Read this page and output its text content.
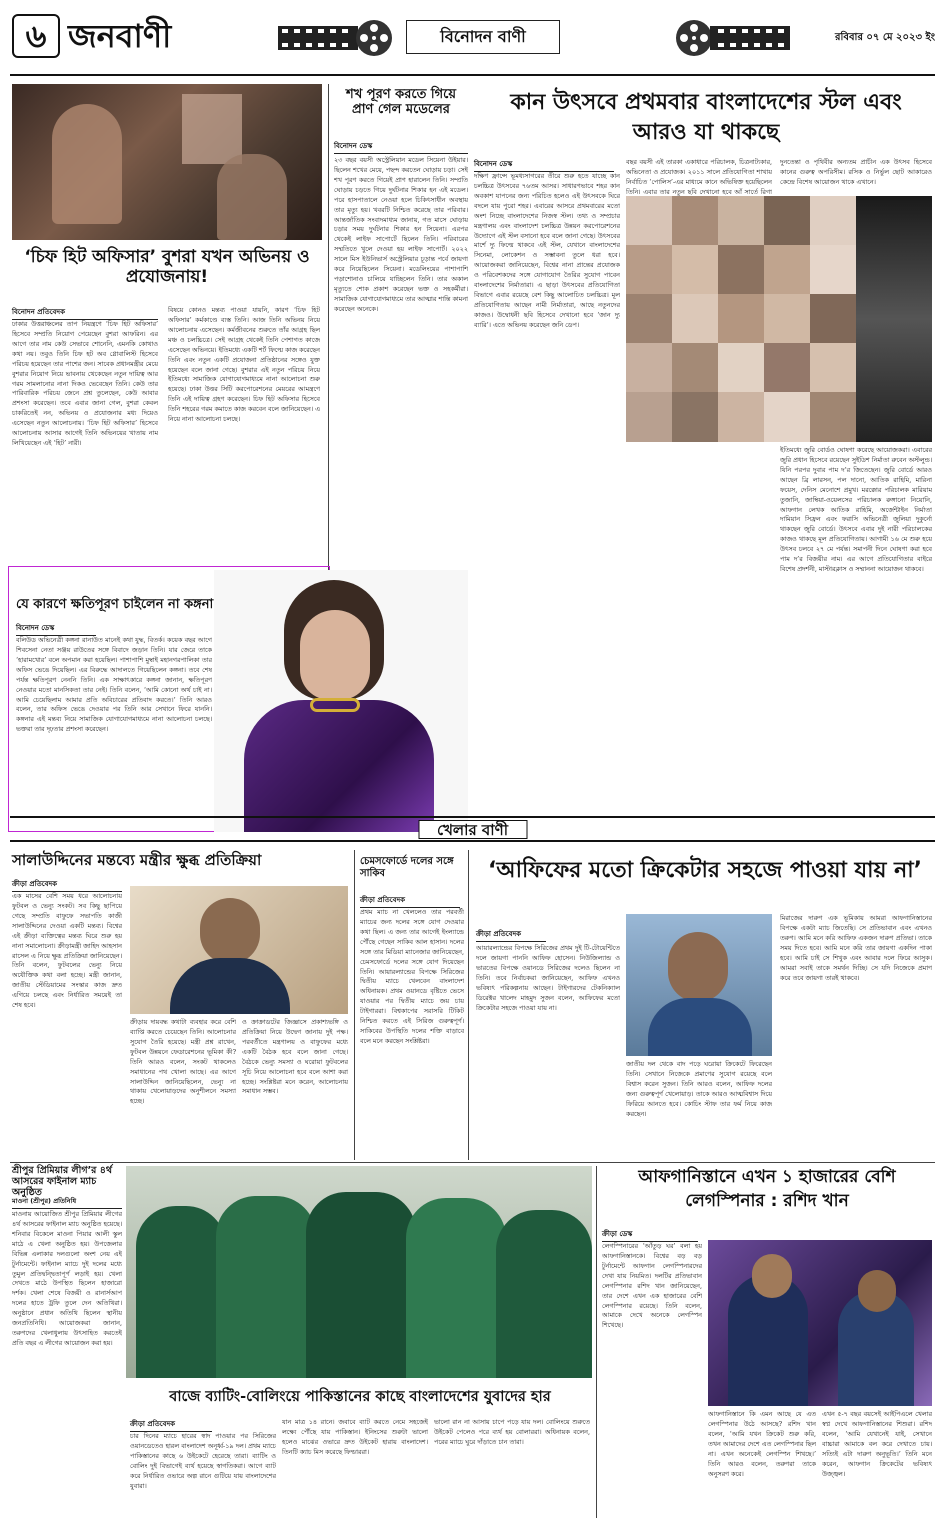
৬ জনবাণী	বিনোদন বাণী	রবিবার ০৭ মে ২০২৩ ইং
‘চিফ হিট অফিসার’ বুশরা যখন অভিনয় ও প্রযোজনায়!
বিনোদন প্রতিবেদক
ঢাকার উত্তরাঞ্চলের তাপ নিয়ন্ত্রণে ‘চিফ হিট অফিসার’ হিসেবে সম্প্রতি নিয়োগ পেয়েছেন বুশরা আফরিন। এর আগে তার নাম কেউ সেভাবে শোনেনি, এমনকি কোথাও কথা নয়। তবুও তিনি চিফ হট অব গ্লোবালিস্ট হিসেবে পরিচয় হয়েছেন তার পাশের জন। সাবেক প্রধানমন্ত্রীর মেয়ে বুশরার নিয়োগ নিয়ে ভাবনায় থেকেছেন নতুন দায়িত্ব আর গরম সামলানোর নানা দিকও ভেবেছেন তিনি। কেউ তার পারিবারিক পরিচয় জেনে প্রশ্ন তুলেছেন, কেউ আবার প্রশংসা করেছেন। তবে এবার জানা গেল, বুশরা কেবল চাকরিতেই নন, অভিনয় ও প্রযোজনার মধ্য দিয়েও এসেছেন নতুন আলোচনায়। ‘চিফ হিট অফিসার’ হিসেবে আলোচনায় আসার আগেই তিনি অভিনয়ের খাতায় নাম লিখিয়েছেন এই ‘হিট’ নারী।
বিষয়ে কোনও মন্তব্য পাওয়া যায়নি, কারণ ‘চিফ হিট অফিসার’ কর্মকাণ্ডে ব্যস্ত তিনি। আজ তিনি অভিনয় নিয়ে আলোচনায় এসেছেন। কর্মজীবনের শুরুতে তাঁর আগ্রহ ছিল মঞ্চ ও চলচ্চিত্রে। সেই আগ্রহ থেকেই তিনি পেশাগত কাজে এসেছেন অভিনয়ে। ইতিমধ্যে একটি শর্ট ফিল্মে কাজ করেছেন তিনি এবং নতুন একটি প্রযোজনা প্রতিষ্ঠানের সঙ্গেও যুক্ত হয়েছেন বলে জানা গেছে। বুশরার এই নতুন পরিচয় নিয়ে ইতিমধ্যে সামাজিক যোগাযোগমাধ্যমে নানা আলোচনা শুরু হয়েছে। ঢাকা উত্তর সিটি করপোরেশনের মেয়রের আমন্ত্রণে তিনি এই দায়িত্ব গ্রহণ করেছেন। চিফ হিট অফিসার হিসেবে তিনি শহরের গরম কমাতে কাজ করবেন বলে জানিয়েছেন। এ নিয়ে নানা আলোচনা চলছে।
শখ পূরণ করতে গিয়ে প্রাণ গেল মডেলের
বিনোদন ডেস্ক
২৩ বছর বয়সী অস্ট্রেলিয়ান মডেল সিয়েনা উইয়ার। ছিলেন শখের মেয়ে, পছন্দ করতেন ঘোড়ায় চড়া। সেই শখ পূরণ করতে গিয়েই প্রাণ হারালেন তিনি। সম্প্রতি ঘোড়ায় চড়তে গিয়ে দুর্ঘটনার শিকার হন এই মডেল। পরে হাসপাতালে নেওয়া হলে চিকিৎসাধীন অবস্থায় তার মৃত্যু হয়। খবরটি নিশ্চিত করেছে তার পরিবার। আন্তর্জাতিক সংবাদমাধ্যম জানায়, গত মাসে ঘোড়ায় চড়ার সময় দুর্ঘটনার শিকার হন সিয়েনা। এরপর থেকেই লাইফ সাপোর্টে ছিলেন তিনি। পরিবারের সম্মতিতে খুলে দেওয়া হয় লাইফ সাপোর্ট। ২০২২ সালে মিস ইউনিভার্স অস্ট্রেলিয়ার চূড়ান্ত পর্বে জায়গা করে নিয়েছিলেন সিয়েনা। মডেলিংয়ের পাশাপাশি পড়াশোনাও চালিয়ে যাচ্ছিলেন তিনি। তার অকাল মৃত্যুতে শোক প্রকাশ করেছেন ভক্ত ও সহকর্মীরা। সামাজিক যোগাযোগমাধ্যমে তার আত্মার শান্তি কামনা করেছেন অনেকে।
যে কারণে ক্ষতিপূরণ চাইলেন না কঙ্গনা
বিনোদন ডেস্ক
বলিউড অভিনেত্রী কঙ্গনা রানাউত মানেই কথা যুদ্ধ, বিতর্ক। কয়েক বছর আগে শিবসেনা নেতা সঞ্জয় রাউতের সঙ্গে বিবাদে জড়ান তিনি। যার জেরে তাকে ‘হারামখোর’ বলে অপমান করা হয়েছিল। পাশাপাশি মুম্বাই মহানগরপালিকা তার অফিস ভেঙে দিয়েছিল। এর বিরুদ্ধে আদালতে গিয়েছিলেন কঙ্গনা। তবে শেষ পর্যন্ত ক্ষতিপূরণ নেননি তিনি। এক সাক্ষাৎকারে কঙ্গনা জানান, ক্ষতিপূরণ নেওয়ার মতো মানসিকতা তার নেই। তিনি বলেন, ‘আমি কোনো অর্থ চাই না। আমি চেয়েছিলাম আমার প্রতি অবিচারের প্রতিবাদ করতে।’ তিনি আরও বলেন, তার অফিস ভেঙে দেওয়ার পর তিনি আর সেখানে ফিরে যাননি। কঙ্গনার এই মন্তব্য নিয়ে সামাজিক যোগাযোগমাধ্যমে নানা আলোচনা চলছে। ভক্তরা তার দৃঢ়তার প্রশংসা করেছেন।
কান উৎসবে প্রথমবার বাংলাদেশের স্টল এবং আরও যা থাকছে
বিনোদন ডেস্ক
দক্ষিণ ফ্রান্সে ভূমধ্যসাগরের তীরে শুরু হতে যাচ্ছে কান চলচ্চিত্র উৎসবের ৭৬তম আসর। সাধারণভাবে শহর কান অবকাশ যাপনের জন্য পরিচিত হলেও এই উৎসবকে ঘিরে বদলে যায় পুরো শহর। এবারের আসরে প্রথমবারের মতো অংশ নিচ্ছে বাংলাদেশের নিজস্ব স্টল। তথ্য ও সম্প্রচার মন্ত্রণালয় এবং বাংলাদেশ চলচ্চিত্র উন্নয়ন করপোরেশনের উদ্যোগে এই স্টল বসানো হবে বলে জানা গেছে। উৎসবের মার্শে দ্যু ফিল্মে থাকবে এই স্টল, যেখানে বাংলাদেশের সিনেমা, লোকেশন ও সম্ভাবনা তুলে ধরা হবে। আয়োজকরা জানিয়েছেন, বিশ্বের নানা প্রান্তের প্রযোজক ও পরিবেশকদের সঙ্গে যোগাযোগ তৈরির সুযোগ পাবেন বাংলাদেশের নির্মাতারা। এ ছাড়া উৎসবের প্রতিযোগিতা বিভাগে এবার রয়েছে বেশ কিছু আলোচিত চলচ্চিত্র। মূল প্রতিযোগিতায় আছেন নামী নির্মাতারা, আছে নতুনদের কাজও। উদ্বোধনী ছবি হিসেবে দেখানো হবে ‘জান দ্যু ব্যারি’। এতে অভিনয় করেছেন জনি ডেপ।
বছর বয়সী এই তারকা একাধারে পরিচালক, চিত্রনাট্যকার, অভিনেতা ও প্রযোজক। ২০১১ সালে প্রতিযোগিতা শাখায় নির্বাচিত ‘পোলিস’-এর মাধ্যমে কানে অভিষিক্ত হয়েছিলেন তিনি। এবার তার নতুন ছবি দেখানো হবে আঁ সার্তে রিগা
দুনতেন্তা ও পৃথিবীর অন্যতম প্রাচীন এক উৎসব হিসেবে কানের গুরুত্ব অপরিসীম। রসিক ও নির্ভুল ছোট আকারেও কেন্দ্রে বিশেষ আয়োজন থাকে এখানে।
ইতিমধ্যে জুরি বোর্ডও ঘোষণা করেছে আয়োজকরা। এবারের জুরি প্রধান হিসেবে রয়েছেন সুইডিশ নির্মাতা রুবেন অস্টলুন্ড। যিনি পরপর দুবার পাম দ’র জিতেছেন। জুরি বোর্ডে আরও আছেন ব্রি লারসন, পল দানো, আতিক রাহিমি, মারিনা ফয়েস, দেনিস মেনোশে প্রমুখ। মরক্কোর পরিচালক মারিয়াম তুজানি, জাম্বিয়া-ওয়েলসের পরিচালক রুঙ্গানো নিয়োনি, আফগান লেখক আতিক রাহিমি, অর্জেন্টাইন নির্মাতা দামিয়ান সিফ্রন এবং ফরাসি অভিনেত্রী জুলিয়া দুকুর্নো থাকছেন জুরি বোর্ডে। উৎসবে এবার দুই নারী পরিচালকের কাজও থাকছে মূল প্রতিযোগিতায়। আগামী ১৬ মে শুরু হয়ে উৎসব চলবে ২৭ মে পর্যন্ত। সমাপনী দিনে ঘোষণা করা হবে পাম দ’র বিজয়ীর নাম। এর আগে প্রতিযোগিতার বাইরে বিশেষ প্রদর্শনী, মাস্টারক্লাস ও সম্মাননা আয়োজন থাকবে।
খেলার বাণী
সালাউদ্দিনের মন্তব্যে মন্ত্রীর ক্ষুব্ধ প্রতিক্রিয়া
ক্রীড়া প্রতিবেদক
এক মাসের বেশি সময় ধরে আলোচনায় ফুটবল ও ভেন্যু সংকট। সব কিছু ছাপিয়ে গেছে সম্প্রতি বাফুফে সভাপতি কাজী সালাউদ্দিনের দেওয়া একটি মন্তব্য। বিশ্বের এই ক্রীড়া ব্যক্তিত্বের মন্তব্য ঘিরে শুরু হয় নানা সমালোচনা। ক্রীড়ামন্ত্রী জাহিদ আহসান রাসেল এ নিয়ে ক্ষুব্ধ প্রতিক্রিয়া জানিয়েছেন। তিনি বলেন, ফুটবলের ভেন্যু নিয়ে অযৌক্তিক কথা বলা হচ্ছে। মন্ত্রী জানান, জাতীয় স্টেডিয়ামের সংস্কার কাজ দ্রুত এগিয়ে চলছে এবং নির্ধারিত সময়েই তা শেষ হবে।
ক্রীড়ায় দায়বদ্ধ কথাটা ব্যবহার করে বেশি ব্যাপ্তি করতে চেয়েছেন তিনি। আলোচনার সুযোগ তৈরি হয়েছে। মন্ত্রী প্রশ্ন রাখেন, ফুটবল উন্নয়নে ফেডারেশনের ভূমিকা কী? তিনি আরও বলেন, সংকট থাকলেও সমাধানের পথ খোলা আছে। এর আগে সালাউদ্দিন জানিয়েছিলেন, ভেন্যু না থাকায় খেলোয়াড়দের অনুশীলনে সমস্যা হচ্ছে।
ও ক্রাক্রাডটের জিজ্ঞাসে প্রকাশ্যভঙ্গি ও প্রতিক্রিয়া নিয়ে উদ্বেগ জানায় দুই পক্ষ। পরবর্তীতে মন্ত্রণালয় ও বাফুফের মধ্যে একটি বৈঠক হবে বলে জানা গেছে। বৈঠকে ভেন্যু সমস্যা ও ঘরোয়া ফুটবলের সূচি নিয়ে আলোচনা হবে বলে আশা করা হচ্ছে। সংশ্লিষ্টরা মনে করেন, আলোচনায় সমাধান সম্ভব।
চেমসফোর্ডে দলের সঙ্গে সাকিব
ক্রীড়া প্রতিবেদক
প্রথম ম্যাচ না খেললেও তার পরবর্তী ম্যাচের জন্য দলের সঙ্গে যোগ দেওয়ার কথা ছিল। এ জন্য তার আগেই ইংল্যান্ডে পৌঁছে গেছেন সাকিব আল হাসান। দলের সঙ্গে তার মিডিয়া ম্যানেজার জানিয়েছেন, চেমসফোর্ডে দলের সঙ্গে যোগ দিয়েছেন তিনি। আয়ারল্যান্ডের বিপক্ষে সিরিজের দ্বিতীয় ম্যাচে খেলবেন বাংলাদেশ অধিনায়ক। প্রথম ওয়ানডে বৃষ্টিতে ভেসে যাওয়ার পর দ্বিতীয় ম্যাচে জয় চায় টাইগাররা। বিশ্বকাপের সরাসরি টিকিট নিশ্চিত করতে এই সিরিজ গুরুত্বপূর্ণ। সাকিবের উপস্থিতি দলের শক্তি বাড়াবে বলে মনে করছেন সংশ্লিষ্টরা।
‘আফিফের মতো ক্রিকেটার সহজে পাওয়া যায় না’
ক্রীড়া প্রতিবেদক
আয়ারল্যান্ডের বিপক্ষে সিরিজের প্রথম দুই টি-টোয়েন্টিতে দলে জায়গা পাননি আফিফ হোসেন। নিউজিল্যান্ড ও ভারতের বিপক্ষে ওয়ানডে সিরিজের দলেও ছিলেন না তিনি। তবে নির্বাচকরা জানিয়েছেন, আফিফ এখনও ভবিষ্যৎ পরিকল্পনায় আছেন। টাইগারদের টেকনিক্যাল ডিরেক্টর খালেদ মাহমুদ সুজন বলেন, আফিফের মতো ক্রিকেটার সহজে পাওয়া যায় না।
জাতীয় দল থেকে বাদ পড়ে ঘরোয়া ক্রিকেটে ফিরেছেন তিনি। সেখানে নিজেকে প্রমাণের সুযোগ রয়েছে বলে বিশ্বাস করেন সুজন। তিনি আরও বলেন, আফিফ দলের জন্য গুরুত্বপূর্ণ খেলোয়াড়। তাকে আরও আত্মবিশ্বাস দিয়ে ফিরিয়ে আনতে হবে। কোচিং স্টাফ তার ফর্ম নিয়ে কাজ করছেন।
মিরাজের দারুণ এক ভূমিকায় আমরা আফগানিস্তানের বিপক্ষে একটা ম্যাচ জিতেছি। সে প্রতিভাবান এবং এখনও তরুণ। আমি মনে করি আফিফ একজন দারুণ প্রতিভা। তাকে সময় দিতে হবে। আমি মনে করি তার জায়গা একদিন পাকা হবে। আমি চাই সে শিখুক এবং আবার দলে ফিরে আসুক। আমরা সবাই তাকে সমর্থন দিচ্ছি। সে যদি নিজেকে প্রমাণ করে তবে জায়গা তারই থাকবে।
শ্রীপুর প্রিমিয়ার লীগ’র ৪র্থ আসরের ফাইনাল ম্যাচ অনুষ্ঠিত
মাওনা (শ্রীপুর) প্রতিনিধি
মাওনায় আয়োজিত শ্রীপুর প্রিমিয়ার লীগের ৪র্থ আসরের ফাইনাল ম্যাচ অনুষ্ঠিত হয়েছে। শনিবার বিকেলে মাওনা পিয়ার আলী স্কুল মাঠে এ খেলা অনুষ্ঠিত হয়। উপজেলার বিভিন্ন এলাকার দলগুলো অংশ নেয় এই টুর্নামেন্টে। ফাইনাল ম্যাচে দুই দলের মধ্যে তুমুল প্রতিদ্বন্দ্বিতাপূর্ণ লড়াই হয়। খেলা দেখতে মাঠে উপস্থিত ছিলেন হাজারো দর্শক। খেলা শেষে বিজয়ী ও রানার্সআপ দলের হাতে ট্রফি তুলে দেন অতিথিরা। অনুষ্ঠানে প্রধান অতিথি ছিলেন স্থানীয় জনপ্রতিনিধি। আয়োজকরা জানান, তরুণদের খেলাধুলায় উৎসাহিত করতেই প্রতি বছর এ লীগের আয়োজন করা হয়।
বাজে ব্যাটিং-বোলিংয়ে পাকিস্তানের কাছে বাংলাদেশের যুবাদের হার
ক্রীড়া প্রতিবেদক
চার দিনের ম্যাচে হারের স্বাদ পাওয়ার পর সিরিজের ওয়ানডেতেও হারল বাংলাদেশ অনূর্ধ্ব-১৯ দল। প্রথম ম্যাচে পাকিস্তানের কাছে ৬ উইকেটে হেরেছে তারা। ব্যাটিং ও বোলিং দুই বিভাগেই ব্যর্থ হয়েছে স্বাগতিকরা। আগে ব্যাট করে নির্ধারিত ওভারে অল্প রানে গুটিয়ে যায় বাংলাদেশের যুবারা।
যান মাত্র ১৪ রানে। জবাবে ব্যাট করতে নেমে সহজেই লক্ষ্যে পৌঁছে যায় পাকিস্তান। ইনিংসের শুরুটা ভালো হলেও মাঝের ওভারে দ্রুত উইকেট হারায় বাংলাদেশ। তিনটি ক্যাচ মিস করেছে ফিল্ডাররা।
ভালো রান না আসায় চাপে পড়ে যায় দল। বোলিংয়ে শুরুতে উইকেট পেলেও পরে ব্যর্থ হয় বোলাররা। অধিনায়ক বলেন, পরের ম্যাচে ঘুরে দাঁড়াতে চান তারা।
আফগানিস্তানে এখন ১ হাজারের বেশি লেগস্পিনার : রশিদ খান
ক্রীড়া ডেস্ক
লেগস্পিনারের ‘আঁতুড় ঘর’ বলা হয় আফগানিস্তানকে। বিশ্বের বড় বড় টুর্নামেন্টে আফগান লেগস্পিনারদের দেখা যায় নিয়মিত। দলটির প্রতিভাবান লেগস্পিনার রশিদ খান জানিয়েছেন, তার দেশে এখন এক হাজারের বেশি লেগস্পিনার রয়েছে। তিনি বলেন, আমাকে দেখে অনেকে লেগস্পিন শিখেছে।
আফগানিস্তানে কি এমন আছে যে এত লেগস্পিনার উঠে আসছে? রশিদ খান বলেন, ‘আমি যখন ক্রিকেট শুরু করি, তখন আমাদের দেশে এত লেগস্পিনার ছিল না। এখন অনেকেই লেগস্পিন শিখছে।’ তিনি আরও বলেন, তরুণরা তাকে অনুসরণ করে।
এখন ৫-৭ বছর বয়সেই আইপিএলে খেলার স্বপ্ন দেখে আফগানিস্তানের শিশুরা। রশিদ বলেন, ‘আমি যেখানেই যাই, সেখানে বাচ্চারা আমাকে বল করে দেখাতে চায়। সত্যিই এটা দারুণ অনুভূতি।’ তিনি মনে করেন, আফগান ক্রিকেটের ভবিষ্যৎ উজ্জ্বল।
